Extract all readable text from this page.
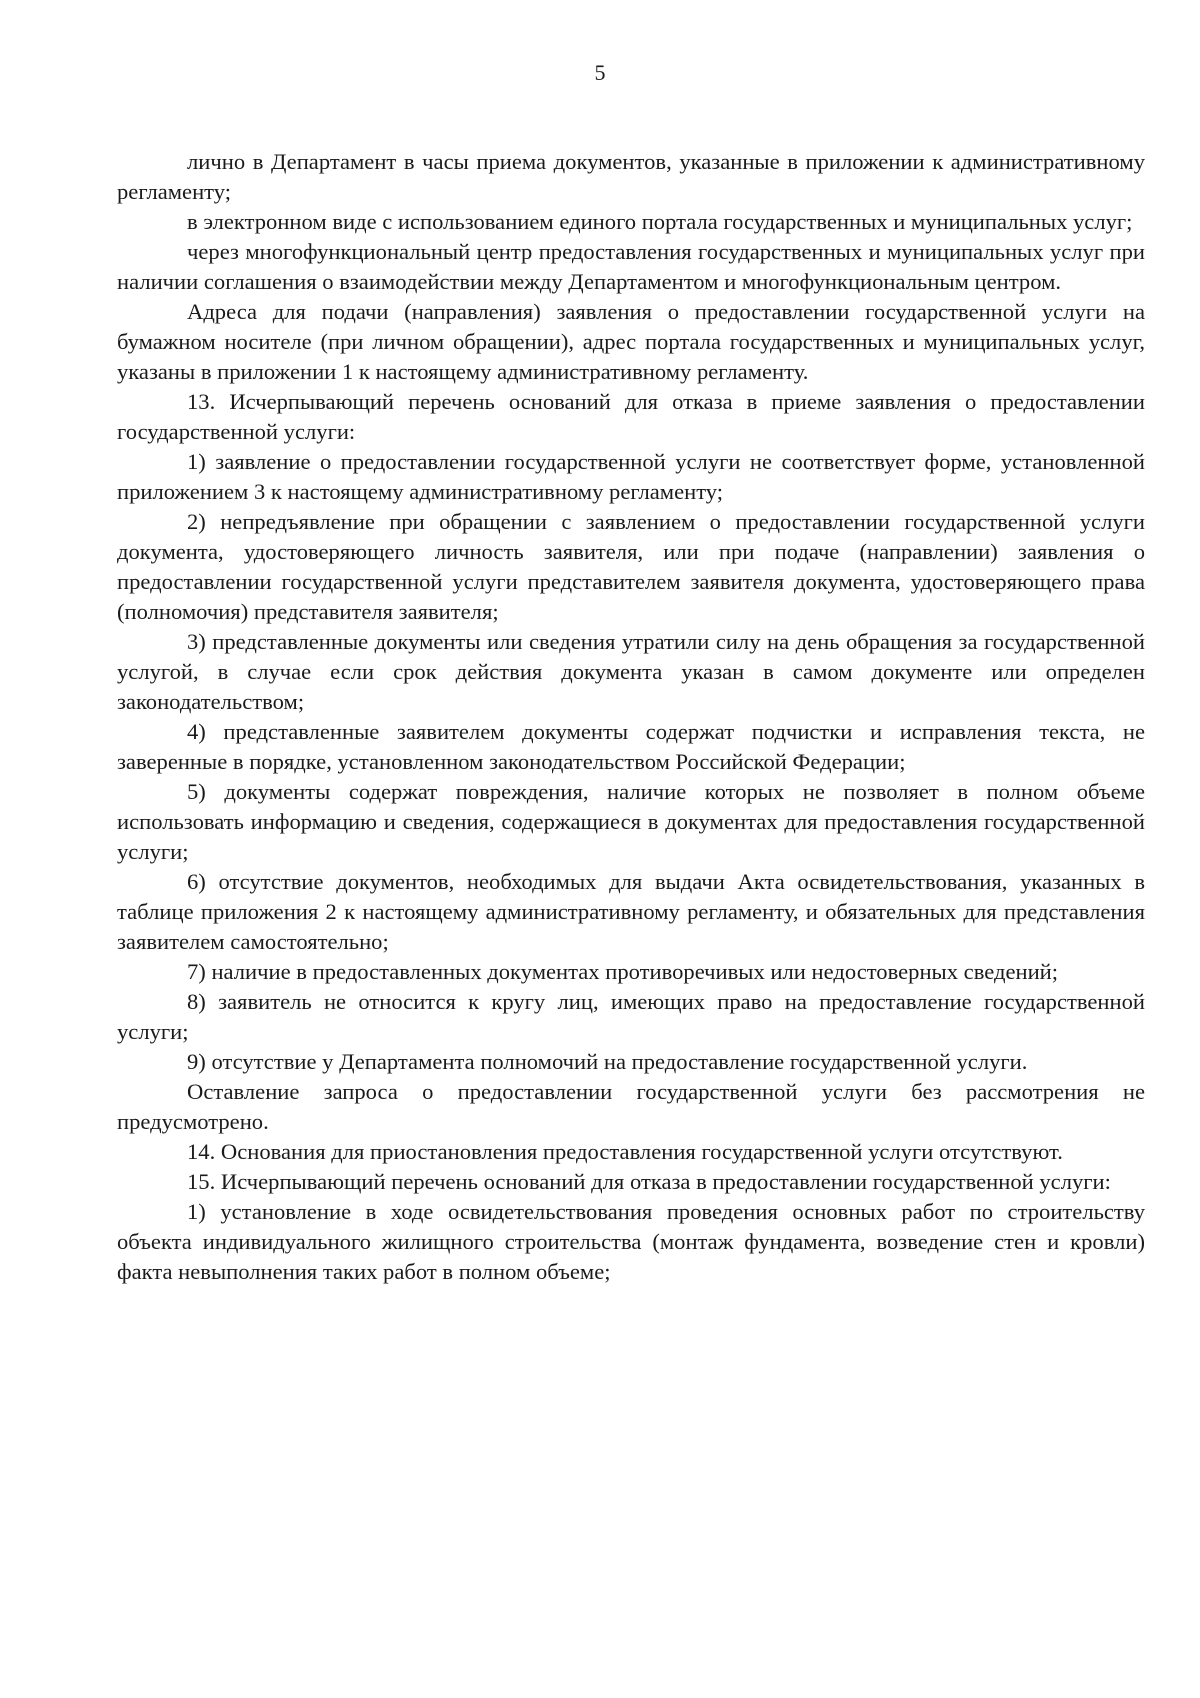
5

лично в Департамент в часы приема документов, указанные в приложении к административному регламенту;

в электронном виде с использованием единого портала государственных и муниципальных услуг;

через многофункциональный центр предоставления государственных и муниципальных услуг при наличии соглашения о взаимодействии между Департаментом и многофункциональным центром.

Адреса для подачи (направления) заявления о предоставлении государственной услуги на бумажном носителе (при личном обращении), адрес портала государственных и муниципальных услуг, указаны в приложении 1 к настоящему административному регламенту.

13. Исчерпывающий перечень оснований для отказа в приеме заявления о предоставлении государственной услуги:

1) заявление о предоставлении государственной услуги не соответствует форме, установленной приложением 3 к настоящему административному регламенту;

2) непредъявление при обращении с заявлением о предоставлении государственной услуги документа, удостоверяющего личность заявителя, или при подаче (направлении) заявления о предоставлении государственной услуги представителем заявителя документа, удостоверяющего права (полномочия) представителя заявителя;

3) представленные документы или сведения утратили силу на день обращения за государственной услугой, в случае если срок действия документа указан в самом документе или определен законодательством;

4) представленные заявителем документы содержат подчистки и исправления текста, не заверенные в порядке, установленном законодательством Российской Федерации;

5) документы содержат повреждения, наличие которых не позволяет в полном объеме использовать информацию и сведения, содержащиеся в документах для предоставления государственной услуги;

6) отсутствие документов, необходимых для выдачи Акта освидетельствования, указанных в таблице приложения 2 к настоящему административному регламенту, и обязательных для представления заявителем самостоятельно;

7) наличие в предоставленных документах противоречивых или недостоверных сведений;

8) заявитель не относится к кругу лиц, имеющих право на предоставление государственной услуги;

9) отсутствие у Департамента полномочий на предоставление государственной услуги.

Оставление запроса о предоставлении государственной услуги без рассмотрения не предусмотрено.

14. Основания для приостановления предоставления государственной услуги отсутствуют.

15. Исчерпывающий перечень оснований для отказа в предоставлении государственной услуги:

1) установление в ходе освидетельствования проведения основных работ по строительству объекта индивидуального жилищного строительства (монтаж фундамента, возведение стен и кровли) факта невыполнения таких работ в полном объеме;
